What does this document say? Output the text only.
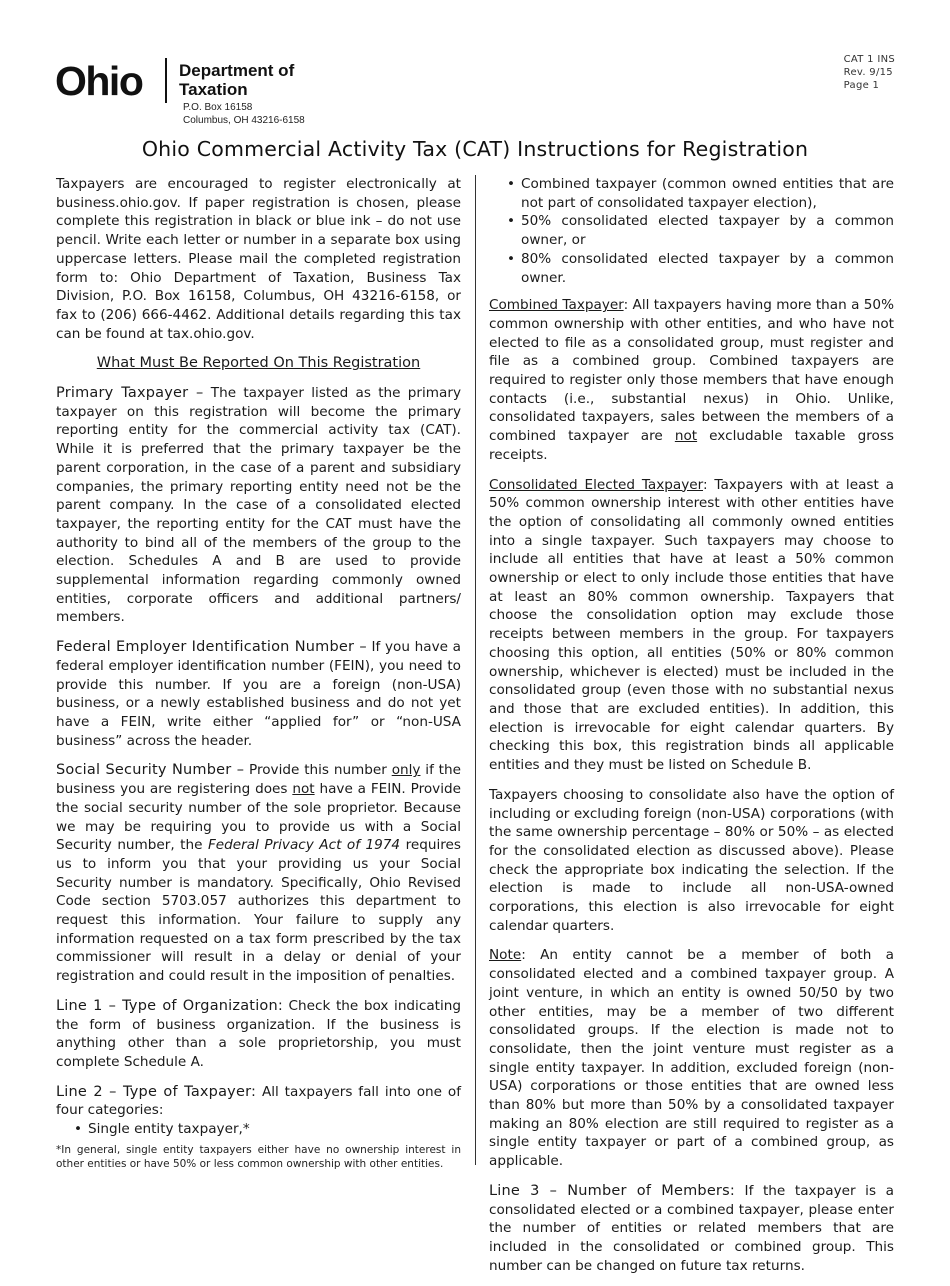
Ohio Department of
Taxation
P.O. Box 16158
Columbus, OH 43216-6158
CAT 1 INS
Rev. 9/15
Page 1
Ohio Commercial Activity Tax (CAT) Instructions for Registration

Taxpayers are encouraged to register electronically at business.ohio.gov. If paper registration is chosen, please complete this registration in black or blue ink – do not use pencil. Write each letter or number in a separate box using uppercase letters. Please mail the completed registration form to: Ohio Department of Taxation, Business Tax Division, P.O. Box 16158, Columbus, OH 43216-6158, or fax to (206) 666-4462. Additional details regarding this tax can be found at tax.ohio.gov.

What Must Be Reported On This Registration

Primary Taxpayer – The taxpayer listed as the primary taxpayer on this registration will become the primary reporting entity for the commercial activity tax (CAT). While it is preferred that the primary taxpayer be the parent corporation, in the case of a parent and subsidiary companies, the primary reporting entity need not be the parent company. In the case of a consolidated elected taxpayer, the reporting entity for the CAT must have the authority to bind all of the members of the group to the election. Schedules A and B are used to provide supplemental information regarding commonly owned entities, corporate officers and additional partners/ members.

Federal Employer Identification Number – If you have a federal employer identification number (FEIN), you need to provide this number. If you are a foreign (non-USA) business, or a newly established business and do not yet have a FEIN, write either “applied for” or “non-USA business” across the header.

Social Security Number – Provide this number only if the business you are registering does not have a FEIN. Provide the social security number of the sole proprietor. Because we may be requiring you to provide us with a Social Security number, the Federal Privacy Act of 1974 requires us to inform you that your providing us your Social Security number is mandatory. Specifically, Ohio Revised Code section 5703.057 authorizes this department to request this information. Your failure to supply any information requested on a tax form prescribed by the tax commissioner will result in a delay or denial of your registration and could result in the imposition of penalties.

Line 1 – Type of Organization: Check the box indicating the form of business organization. If the business is anything other than a sole proprietorship, you must complete Schedule A.

Line 2 – Type of Taxpayer: All taxpayers fall into one of four categories:

• Single entity taxpayer,*
*In general, single entity taxpayers either have no ownership interest in other entities or have 50% or less common ownership with other entities.
• Combined taxpayer (common owned entities that are not part of consolidated taxpayer election),
• 50% consolidated elected taxpayer by a common owner, or
• 80% consolidated elected taxpayer by a common owner.

Combined Taxpayer: All taxpayers having more than a 50% common ownership with other entities, and who have not elected to file as a consolidated group, must register and file as a combined group. Combined taxpayers are required to register only those members that have enough contacts (i.e., substantial nexus) in Ohio. Unlike, consolidated taxpayers, sales between the members of a combined taxpayer are not excludable taxable gross receipts.

Consolidated Elected Taxpayer: Taxpayers with at least a 50% common ownership interest with other entities have the option of consolidating all commonly owned entities into a single taxpayer. Such taxpayers may choose to include all entities that have at least a 50% common ownership or elect to only include those entities that have at least an 80% common ownership. Taxpayers that choose the consolidation option may exclude those receipts between members in the group. For taxpayers choosing this option, all entities (50% or 80% common ownership, whichever is elected) must be included in the consolidated group (even those with no substantial nexus and those that are excluded entities). In addition, this election is irrevocable for eight calendar quarters. By checking this box, this registration binds all applicable entities and they must be listed on Schedule B.

Taxpayers choosing to consolidate also have the option of including or excluding foreign (non-USA) corporations (with the same ownership percentage – 80% or 50% – as elected for the consolidated election as discussed above). Please check the appropriate box indicating the selection. If the election is made to include all non-USA-owned corporations, this election is also irrevocable for eight calendar quarters.

Note: An entity cannot be a member of both a consolidated elected and a combined taxpayer group. A joint venture, in which an entity is owned 50/50 by two other entities, may be a member of two different consolidated groups. If the election is made not to consolidate, then the joint venture must register as a single entity taxpayer. In addition, excluded foreign (non-USA) corporations or those entities that are owned less than 80% but more than 50% by a consolidated taxpayer making an 80% election are still required to register as a single entity taxpayer or part of a combined group, as applicable.

Line 3 – Number of Members: If the taxpayer is a consolidated elected or a combined taxpayer, please enter the number of entities or related members that are included in the consolidated or combined group. This number can be changed on future tax returns.
